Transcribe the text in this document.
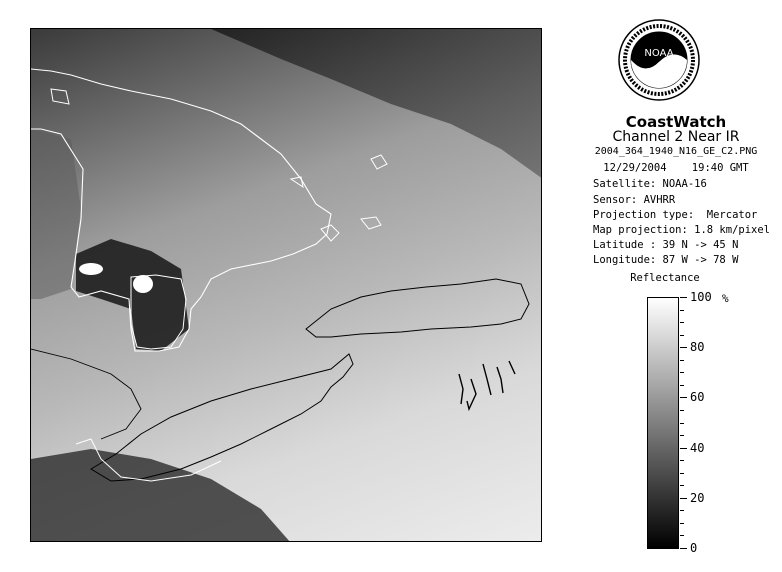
NOAA
CoastWatch
Channel 2 Near IR
2004_364_1940_N16_GE_C2.PNG
12/29/2004    19:40 GMT
Satellite: NOAA-16
Sensor: AVHRR
Projection type:  Mercator
Map projection: 1.8 km/pixel
Latitude : 39 N -> 45 N
Longitude: 87 W -> 78 W
Reflectance
%
100
80
60
40
20
0
